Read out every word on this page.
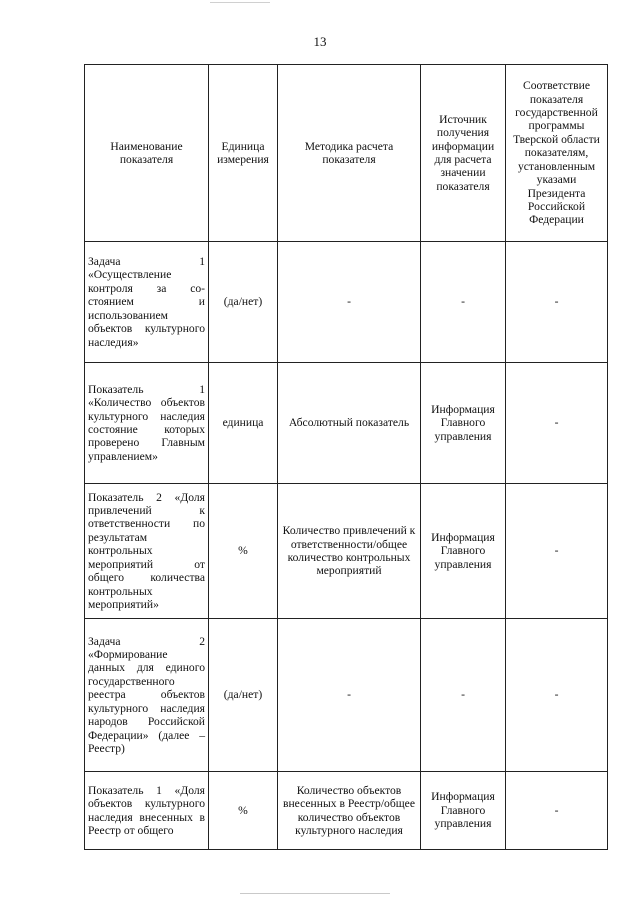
13
Наименование показателя	Единица измерения	Методика расчета показателя	Источник получения информации для расчета значении показателя	Соответствие показателя государственной программы Тверской области показателям, установленным указами Президента Российской Федерации
Задача 1 «Осуществление контроля за со-стоянием и использованием объектов культурного наследия»	(да/нет)	-	-	-
Показатель 1 «Количество объектов культурного наследия состояние которых проверено Главным управлением»	единица	Абсолютный показатель	Информация Главного управления	-
Показатель 2 «Доля привлечений к ответственности по результатам контрольных мероприятий от общего количества контрольных мероприятий»	%	Количество привлечений к ответственности/общее количество контрольных мероприятий	Информация Главного управления	-
Задача 2 «Формирование данных для единого государственного реестра объектов культурного наследия народов Российской Федерации» (далее – Реестр)	(да/нет)	-	-	-
Показатель 1 «Доля объектов культурного наследия внесенных в Реестр от общего	%	Количество объектов внесенных в Реестр/общее количество объектов культурного наследия	Информация Главного управления	-
